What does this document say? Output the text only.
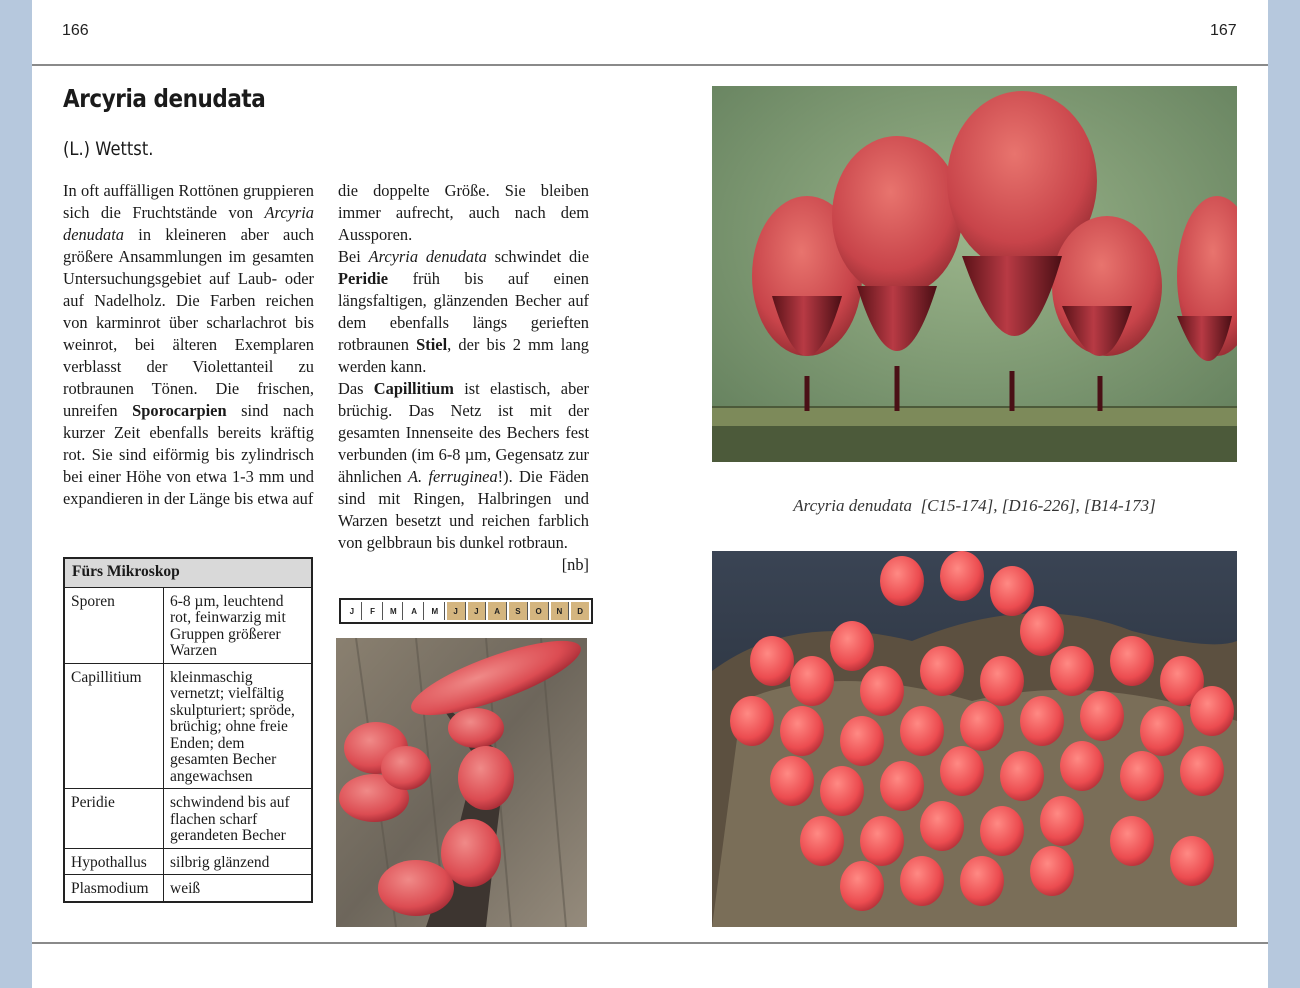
166	167
Arcyria denudata
(L.) Wettst.

In oft auffälligen Rottönen gruppieren sich die Fruchtstände von Arcyria denudata in kleineren aber auch größere Ansammlungen im gesamten Untersuchungsgebiet auf Laub- oder auf Nadelholz. Die Farben reichen von karminrot über scharlachrot bis weinrot, bei älteren Exemplaren verblasst der Violettanteil zu rotbraunen Tönen. Die frischen, unreifen Sporocarpien sind nach kurzer Zeit ebenfalls bereits kräftig rot. Sie sind eiförmig bis zylindrisch bei einer Höhe von etwa 1-3 mm und expandieren in der Länge bis etwa auf

die doppelte Größe. Sie bleiben immer aufrecht, auch nach dem Aussporen.

Bei Arcyria denudata schwindet die Peridie früh bis auf einen längsfaltigen, glänzenden Becher auf dem ebenfalls längs gerieften rotbraunen Stiel, der bis 2 mm lang werden kann.

Das Capillitium ist elastisch, aber brüchig. Das Netz ist mit der gesamten Innenseite des Bechers fest verbunden (im 6-8 µm, Gegensatz zur ähnlichen A. ferruginea!). Die Fäden sind mit Ringen, Halbringen und Warzen besetzt und reichen farblich von gelbbraun bis dunkel rotbraun.
[nb]

Fürs Mikroskop	
Sporen	6-8 µm, leuchtend rot, feinwarzig mit Gruppen größerer Warzen
Capillitium	kleinmaschig vernetzt; vielfältig skulpturiert; spröde, brüchig; ohne freie Enden; dem gesamten Becher angewachsen
Peridie	schwindend bis auf flachen scharf gerandeten Becher
Hypothallus	silbrig glänzend
Plasmodium	weiß
J	F	M	A	M	J	J	A	S	O	N	D
Arcyria denudata [C15-174], [D16-226], [B14-173]
